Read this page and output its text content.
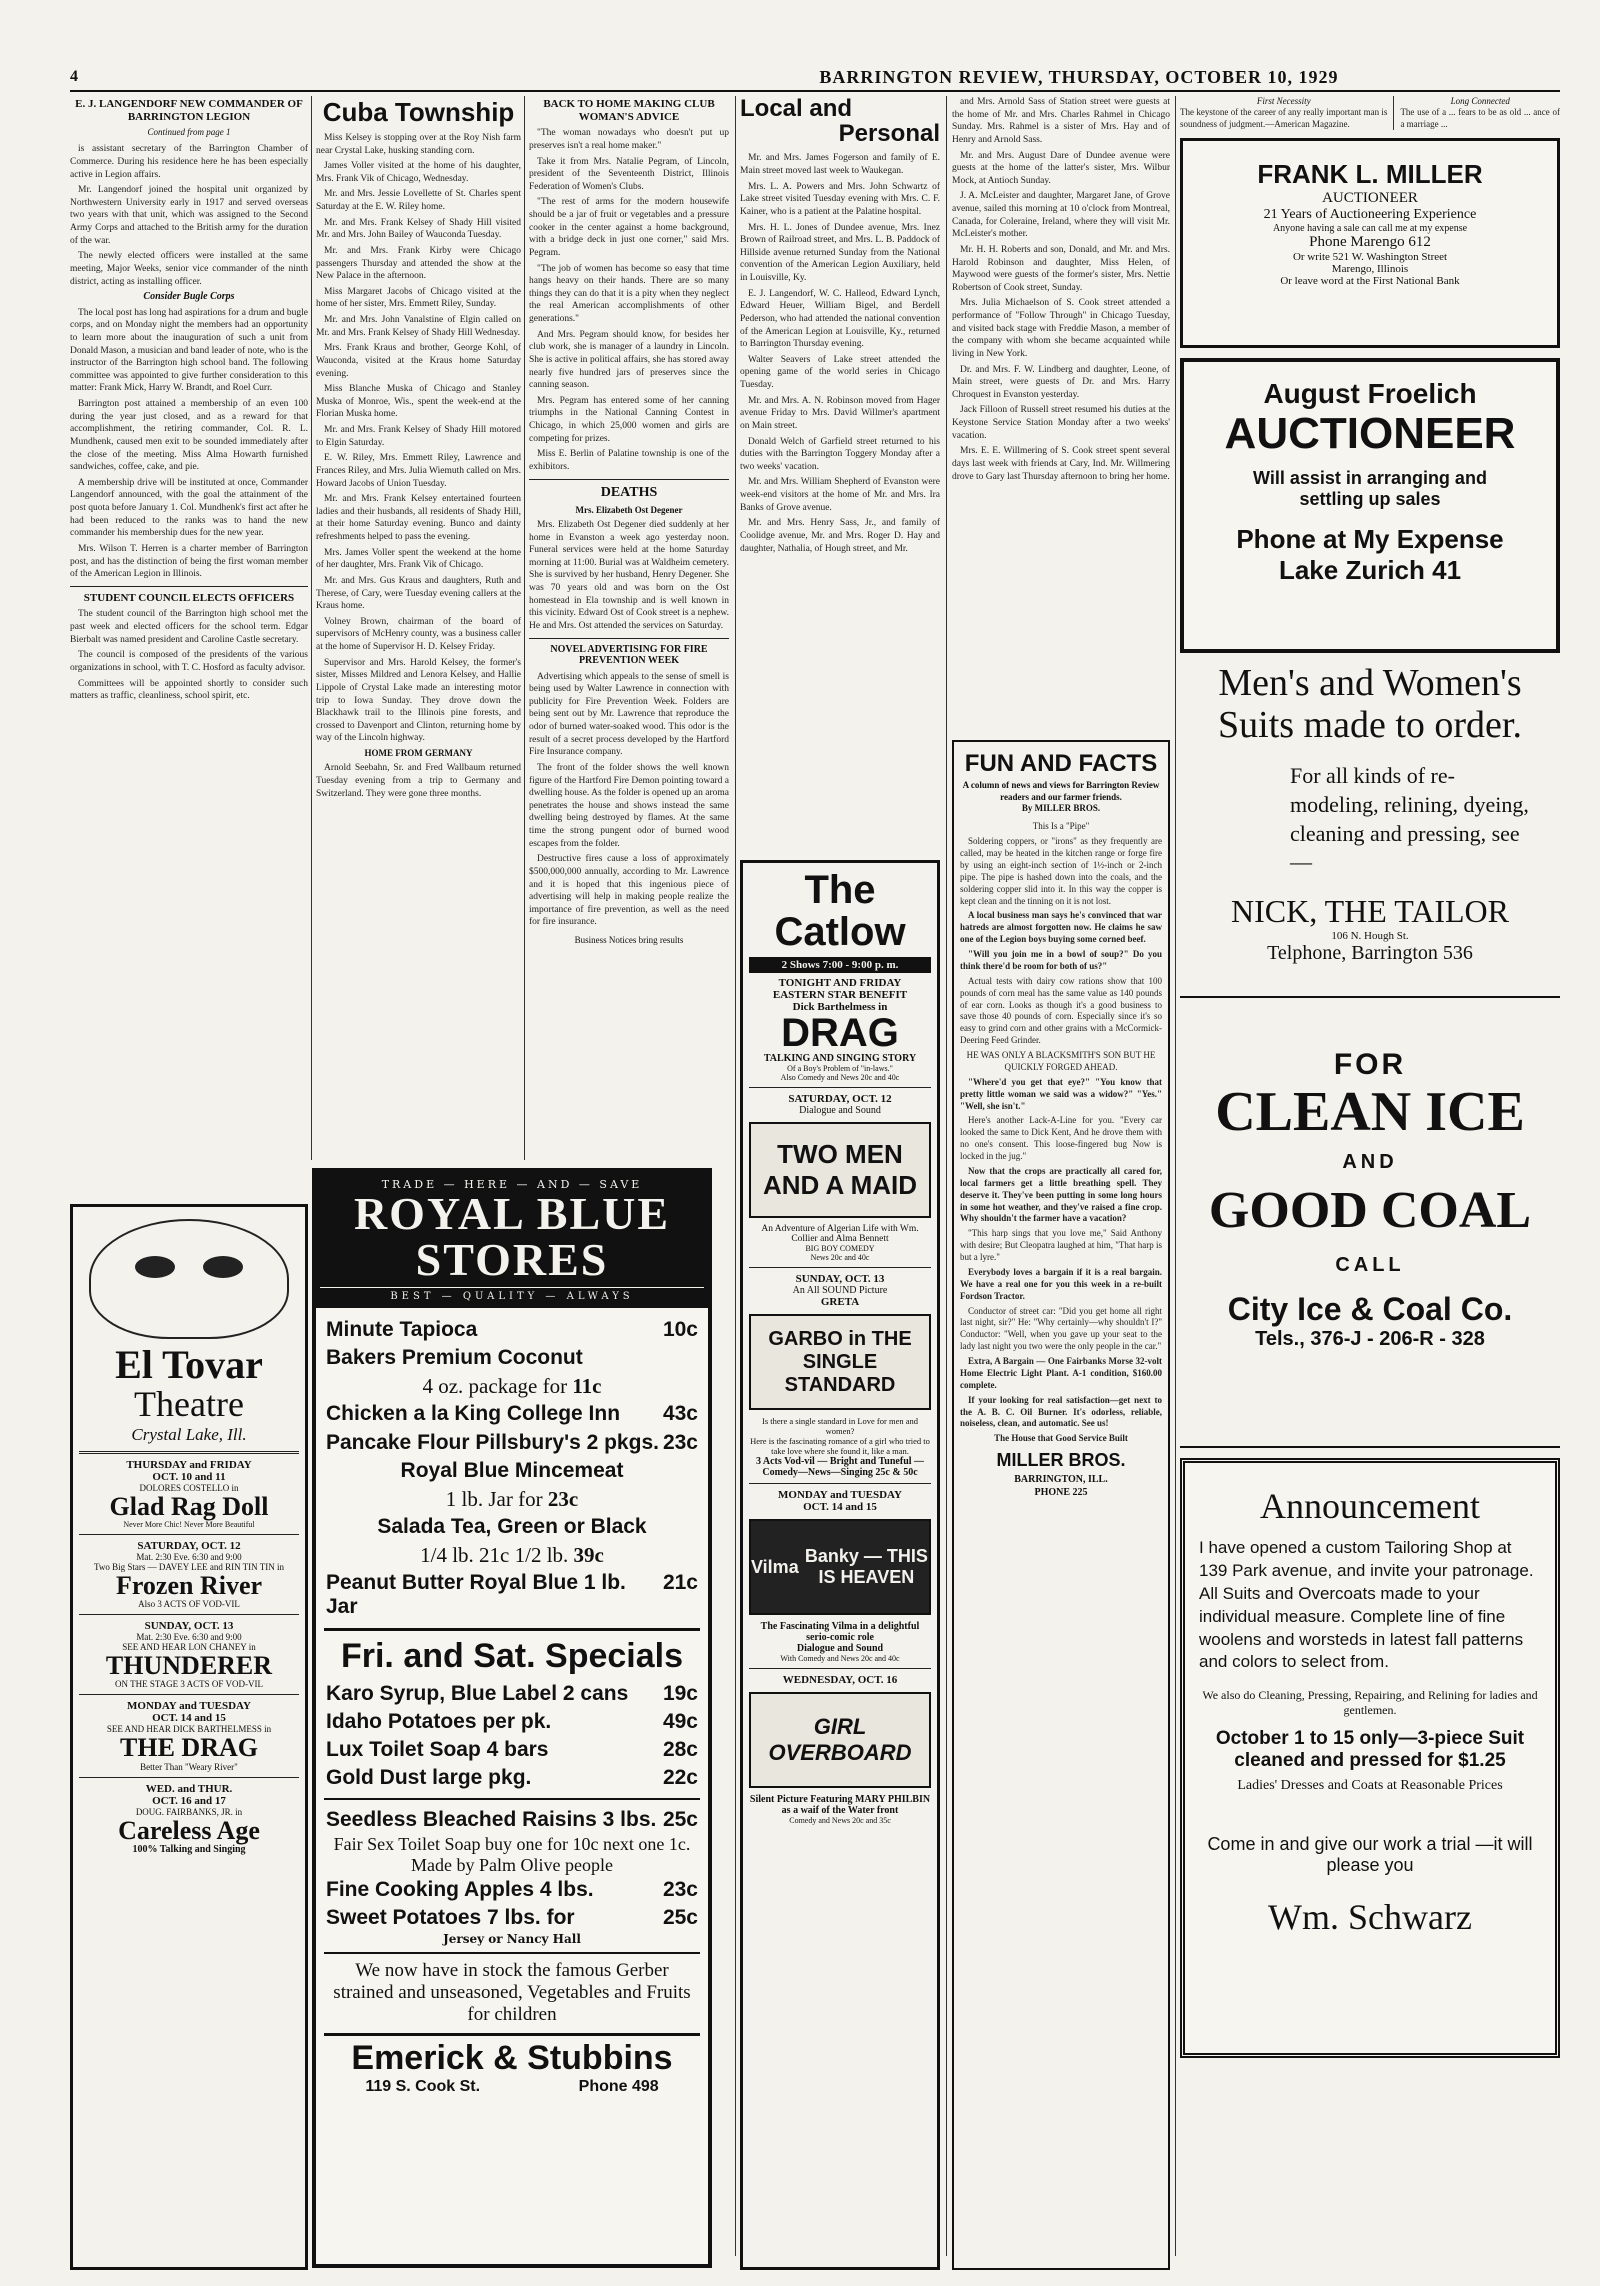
4	BARRINGTON REVIEW, THURSDAY, OCTOBER 10, 1929
E. J. LANGENDORF NEW COMMANDER OF BARRINGTON LEGION
Continued from page 1

is assistant secretary of the Barrington Chamber of Commerce. During his residence here he has been especially active in Legion affairs.

Mr. Langendorf joined the hospital unit organized by Northwestern University early in 1917 and served overseas two years with that unit, which was assigned to the Second Army Corps and attached to the British army for the duration of the war.

The newly elected officers were installed at the same meeting, Major Weeks, senior vice commander of the ninth district, acting as installing officer.

Consider Bugle Corps

The local post has long had aspirations for a drum and bugle corps, and on Monday night the members had an opportunity to learn more about the inauguration of such a unit from Donald Mason, a musician and band leader of note, who is the instructor of the Barrington high school band. The following committee was appointed to give further consideration to this matter: Frank Mick, Harry W. Brandt, and Roel Curr.

Barrington post attained a membership of an even 100 during the year just closed, and as a reward for that accomplishment, the retiring commander, Col. R. L. Mundhenk, caused men exit to be sounded immediately after the close of the meeting. Miss Alma Howarth furnished sandwiches, coffee, cake, and pie.

A membership drive will be instituted at once, Commander Langendorf announced, with the goal the attainment of the post quota before January 1. Col. Mundhenk's first act after he had been reduced to the ranks was to hand the new commander his membership dues for the new year.

Mrs. Wilson T. Herren is a charter member of Barrington post, and has the distinction of being the first woman member of the American Legion in Illinois.

STUDENT COUNCIL ELECTS OFFICERS

The student council of the Barrington high school met the past week and elected officers for the school term. Edgar Bierbalt was named president and Caroline Castle secretary.

The council is composed of the presidents of the various organizations in school, with T. C. Hosford as faculty advisor.

Committees will be appointed shortly to consider such matters as traffic, cleanliness, school spirit, etc.

El Tovar
Theatre
Crystal Lake, Ill.
THURSDAY and FRIDAY
OCT. 10 and 11
DOLORES COSTELLO in
Glad Rag Doll
Never More Chic! Never More Beautiful
SATURDAY, OCT. 12
Mat. 2:30 Eve. 6:30 and 9:00
Two Big Stars — DAVEY LEE and RIN TIN TIN in
Frozen River
Also 3 ACTS OF VOD-VIL
SUNDAY, OCT. 13
Mat. 2:30 Eve. 6:30 and 9:00
SEE AND HEAR LON CHANEY in
THUNDERER
ON THE STAGE 3 ACTS OF VOD-VIL
MONDAY and TUESDAY
OCT. 14 and 15
SEE AND HEAR DICK BARTHELMESS in
THE DRAG
Better Than "Weary River"
WED. and THUR.
OCT. 16 and 17
DOUG. FAIRBANKS, JR. in
Careless Age
100% Talking and Singing
Cuba Township

Miss Kelsey is stopping over at the Roy Nish farm near Crystal Lake, husking standing corn.

James Voller visited at the home of his daughter, Mrs. Frank Vik of Chicago, Wednesday.

Mr. and Mrs. Jessie Lovellette of St. Charles spent Saturday at the E. W. Riley home.

Mr. and Mrs. Frank Kelsey of Shady Hill visited Mr. and Mrs. John Bailey of Wauconda Tuesday.

Mr. and Mrs. Frank Kirby were Chicago passengers Thursday and attended the show at the New Palace in the afternoon.

Miss Margaret Jacobs of Chicago visited at the home of her sister, Mrs. Emmett Riley, Sunday.

Mr. and Mrs. John Vanalstine of Elgin called on Mr. and Mrs. Frank Kelsey of Shady Hill Wednesday.

Mrs. Frank Kraus and brother, George Kohl, of Wauconda, visited at the Kraus home Saturday evening.

Miss Blanche Muska of Chicago and Stanley Muska of Monroe, Wis., spent the week-end at the Florian Muska home.

Mr. and Mrs. Frank Kelsey of Shady Hill motored to Elgin Saturday.

E. W. Riley, Mrs. Emmett Riley, Lawrence and Frances Riley, and Mrs. Julia Wiemuth called on Mrs. Howard Jacobs of Union Tuesday.

Mr. and Mrs. Frank Kelsey entertained fourteen ladies and their husbands, all residents of Shady Hill, at their home Saturday evening. Bunco and dainty refreshments helped to pass the evening.

Mrs. James Voller spent the weekend at the home of her daughter, Mrs. Frank Vik of Chicago.

Mr. and Mrs. Gus Kraus and daughters, Ruth and Therese, of Cary, were Tuesday evening callers at the Kraus home.

Volney Brown, chairman of the board of supervisors of McHenry county, was a business caller at the home of Supervisor H. D. Kelsey Friday.

Supervisor and Mrs. Harold Kelsey, the former's sister, Misses Mildred and Lenora Kelsey, and Hallie Lippole of Crystal Lake made an interesting motor trip to Iowa Sunday. They drove down the Blackhawk trail to the Illinois pine forests, and crossed to Davenport and Clinton, returning home by way of the Lincoln highway.

HOME FROM GERMANY

Arnold Seebahn, Sr. and Fred Wallbaum returned Tuesday evening from a trip to Germany and Switzerland. They were gone three months.

BACK TO HOME MAKING CLUB WOMAN'S ADVICE

"The woman nowadays who doesn't put up preserves isn't a real home maker."

Take it from Mrs. Natalie Pegram, of Lincoln, president of the Seventeenth District, Illinois Federation of Women's Clubs.

"The rest of arms for the modern housewife should be a jar of fruit or vegetables and a pressure cooker in the center against a home background, with a bridge deck in just one corner," said Mrs. Pegram.

"The job of women has become so easy that time hangs heavy on their hands. There are so many things they can do that it is a pity when they neglect the real American accomplishments of other generations."

And Mrs. Pegram should know, for besides her club work, she is manager of a laundry in Lincoln. She is active in political affairs, she has stored away nearly five hundred jars of preserves since the canning season.

Mrs. Pegram has entered some of her canning triumphs in the National Canning Contest in Chicago, in which 25,000 women and girls are competing for prizes.

Miss E. Berlin of Palatine township is one of the exhibitors.

DEATHS
Mrs. Elizabeth Ost Degener

Mrs. Elizabeth Ost Degener died suddenly at her home in Evanston a week ago yesterday noon. Funeral services were held at the home Saturday morning at 11:00. Burial was at Waldheim cemetery. She is survived by her husband, Henry Degener. She was 70 years old and was born on the Ost homestead in Ela township and is well known in this vicinity. Edward Ost of Cook street is a nephew. He and Mrs. Ost attended the services on Saturday.

NOVEL ADVERTISING FOR FIRE PREVENTION WEEK

Advertising which appeals to the sense of smell is being used by Walter Lawrence in connection with publicity for Fire Prevention Week. Folders are being sent out by Mr. Lawrence that reproduce the odor of burned water-soaked wood. This odor is the result of a secret process developed by the Hartford Fire Insurance company.

The front of the folder shows the well known figure of the Hartford Fire Demon pointing toward a dwelling house. As the folder is opened up an aroma penetrates the house and shows instead the same dwelling being destroyed by flames. At the same time the strong pungent odor of burned wood escapes from the folder.

Destructive fires cause a loss of approximately $500,000,000 annually, according to Mr. Lawrence and it is hoped that this ingenious piece of advertising will help in making people realize the importance of fire prevention, as well as the need for fire insurance.

Business Notices bring results
TRADE — HERE — AND — SAVE
ROYAL BLUE
STORES
BEST — QUALITY — ALWAYS
Minute Tapioca	10c
Bakers Premium Coconut
4 oz. package for
11c
Chicken a la King College Inn	43c
Pancake Flour Pillsbury's 2 pkgs. 23c
Royal Blue Mincemeat
1 lb. Jar for
23c
Salada Tea, Green or Black
1/4 lb. 21c 1/2 lb.
39c
Peanut Butter Royal Blue 1 lb. Jar
21c
Fri. and Sat. Specials
Karo Syrup, Blue Label 2 cans	19c
Idaho Potatoes per pk.	49c
Lux Toilet Soap 4 bars	28c
Gold Dust large pkg.	22c
Seedless Bleached Raisins 3 lbs. 25c
Fair Sex Toilet Soap buy one for 10c next one 1c. Made by Palm Olive people
Fine Cooking Apples 4 lbs.	23c
Sweet Potatoes 7 lbs. for	25c
Jersey or Nancy Hall
We now have in stock the famous Gerber strained and unseasoned, Vegetables and Fruits for children
Emerick & Stubbins
119 S. Cook St.	Phone 498
Local and
Personal

Mr. and Mrs. James Fogerson and family of E. Main street moved last week to Waukegan.

Mrs. L. A. Powers and Mrs. John Schwartz of Lake street visited Tuesday evening with Mrs. C. F. Kainer, who is a patient at the Palatine hospital.

Mrs. H. L. Jones of Dundee avenue, Mrs. Inez Brown of Railroad street, and Mrs. L. B. Paddock of Hillside avenue returned Sunday from the National convention of the American Legion Auxiliary, held in Louisville, Ky.

E. J. Langendorf, W. C. Halleod, Edward Lynch, Edward Heuer, William Bigel, and Berdell Pederson, who had attended the national convention of the American Legion at Louisville, Ky., returned to Barrington Thursday evening.

Walter Seavers of Lake street attended the opening game of the world series in Chicago Tuesday.

Mr. and Mrs. A. N. Robinson moved from Hager avenue Friday to Mrs. David Willmer's apartment on Main street.

Donald Welch of Garfield street returned to his duties with the Barrington Toggery Monday after a two weeks' vacation.

Mr. and Mrs. William Shepherd of Evanston were week-end visitors at the home of Mr. and Mrs. Ira Banks of Grove avenue.

Mr. and Mrs. Henry Sass, Jr., and family of Coolidge avenue, Mr. and Mrs. Roger D. Hay and daughter, Nathalia, of Hough street, and Mr.

The
Catlow
2 Shows 7:00 - 9:00 p. m.
TONIGHT AND FRIDAY
EASTERN STAR BENEFIT
Dick Barthelmess in
DRAG
TALKING AND SINGING STORY
Of a Boy's Problem of "in-laws."
Also Comedy and News 20c and 40c
SATURDAY, OCT. 12
Dialogue and Sound
TWO MEN AND A MAID
An Adventure of Algerian Life with Wm. Collier and Alma Bennett
BIG BOY COMEDY
News 20c and 40c
SUNDAY, OCT. 13
An All SOUND Picture
GRETA
GARBO in THE SINGLE STANDARD
Is there a single standard in Love for men and women?
Here is the fascinating romance of a girl who tried to take love where she found it, like a man.
3 Acts Vod-vil — Bright and Tuneful — Comedy—News—Singing 25c & 50c
MONDAY and TUESDAY
OCT. 14 and 15
Vilma

Banky — THIS IS HEAVEN
The Fascinating Vilma in a delightful serio-comic role
Dialogue and Sound
With Comedy and News 20c and 40c
WEDNESDAY, OCT. 16
GIRL OVERBOARD
Silent Picture Featuring MARY PHILBIN as a waif of the Water front
Comedy and News 20c and 35c

and Mrs. Arnold Sass of Station street were guests at the home of Mr. and Mrs. Charles Rahmel in Chicago Sunday. Mrs. Rahmel is a sister of Mrs. Hay and of Henry and Arnold Sass.

Mr. and Mrs. August Dare of Dundee avenue were guests at the home of the latter's sister, Mrs. Wilbur Mock, at Antioch Sunday.

J. A. McLeister and daughter, Margaret Jane, of Grove avenue, sailed this morning at 10 o'clock from Montreal, Canada, for Coleraine, Ireland, where they will visit Mr. McLeister's mother.

Mr. H. H. Roberts and son, Donald, and Mr. and Mrs. Harold Robinson and daughter, Miss Helen, of Maywood were guests of the former's sister, Mrs. Nettie Robertson of Cook street, Sunday.

Mrs. Julia Michaelson of S. Cook street attended a performance of "Follow Through" in Chicago Tuesday, and visited back stage with Freddie Mason, a member of the company with whom she became acquainted while living in New York.

Dr. and Mrs. F. W. Lindberg and daughter, Leone, of Main street, were guests of Dr. and Mrs. Harry Chroquest in Evanston yesterday.

Jack Filloon of Russell street resumed his duties at the Keystone Service Station Monday after a two weeks' vacation.

Mrs. E. E. Willmering of S. Cook street spent several days last week with friends at Cary, Ind. Mr. Willmering drove to Gary last Thursday afternoon to bring her home.

FUN AND FACTS
A column of news and views for Barrington Review readers and our farmer friends.
By MILLER BROS.

This Is a "Pipe"

Soldering coppers, or "irons" as they frequently are called, may be heated in the kitchen range or forge fire by using an eight-inch section of 1½-inch or 2-inch pipe. The pipe is hashed down into the coals, and the soldering copper slid into it. In this way the copper is kept clean and the tinning on it is not lost.

A local business man says he's convinced that war hatreds are almost forgotten now. He claims he saw one of the Legion boys buying some corned beef.

"Will you join me in a bowl of soup?" Do you think there'd be room for both of us?"

Actual tests with dairy cow rations show that 100 pounds of corn meal has the same value as 140 pounds of ear corn. Looks as though it's a good business to save those 40 pounds of corn. Especially since it's so easy to grind corn and other grains with a McCormick-Deering Feed Grinder.

HE WAS ONLY A BLACKSMITH'S SON BUT HE QUICKLY FORGED AHEAD.

"Where'd you get that eye?" "You know that pretty little woman we said was a widow?" "Yes." "Well, she isn't."

Here's another Lack-A-Line for you. "Every car looked the same to Dick Kent, And he drove them with no one's consent. This loose-fingered bug Now is locked in the jug."

Now that the crops are practically all cared for, local farmers get a little breathing spell. They deserve it. They've been putting in some long hours in some hot weather, and they've raised a fine crop. Why shouldn't the farmer have a vacation?

"This harp sings that you love me," Said Anthony with desire; But Cleopatra laughed at him, "That harp is but a lyre."

Everybody loves a bargain if it is a real bargain. We have a real one for you this week in a re-built Fordson Tractor.

Conductor of street car: "Did you get home all right last night, sir?" He: "Why certainly—why shouldn't I?" Conductor: "Well, when you gave up your seat to the lady last night you two were the only people in the car."

Extra, A Bargain — One Fairbanks Morse 32-volt Home Electric Light Plant. A-1 condition, $160.00 complete.

If your looking for real satisfaction—get next to the A. B. C. Oil Burner. It's odorless, reliable, noiseless, clean, and automatic. See us!

The House that Good Service Built

MILLER BROS.
BARRINGTON, ILL.
PHONE 225
First Necessity
The keystone of the career of any really important man is soundness of judgment.—American Magazine.
Long Connected
The use of a ... fears to be as old ... ance of a marriage ...
FRANK L. MILLER
AUCTIONEER
21 Years of Auctioneering Experience
Anyone having a sale can call me at my expense
Phone Marengo 612
Or write 521 W. Washington Street
Marengo, Illinois
Or leave word at the First National Bank
August Froelich
AUCTIONEER
Will assist in arranging and settling up sales
Phone at My Expense
Lake Zurich 41
Men's and Women's
Suits made to order.
For all kinds of re-modeling, relining, dyeing, cleaning and pressing, see—
NICK, THE TAILOR
106 N. Hough St.
Telphone, Barrington 536
FOR
CLEAN ICE
AND
GOOD COAL
CALL
City Ice & Coal Co.
Tels., 376-J - 206-R - 328
Announcement
I have opened a custom Tailoring Shop at 139 Park avenue, and invite your patronage. All Suits and Overcoats made to your individual measure. Complete line of fine woolens and worsteds in latest fall patterns and colors to select from.
We also do Cleaning, Pressing, Repairing, and Relining for ladies and gentlemen.
October 1 to 15 only—3-piece Suit cleaned and pressed for $1.25
Ladies' Dresses and Coats at Reasonable Prices
Come in and give our work a trial —it will please you
Wm. Schwarz
